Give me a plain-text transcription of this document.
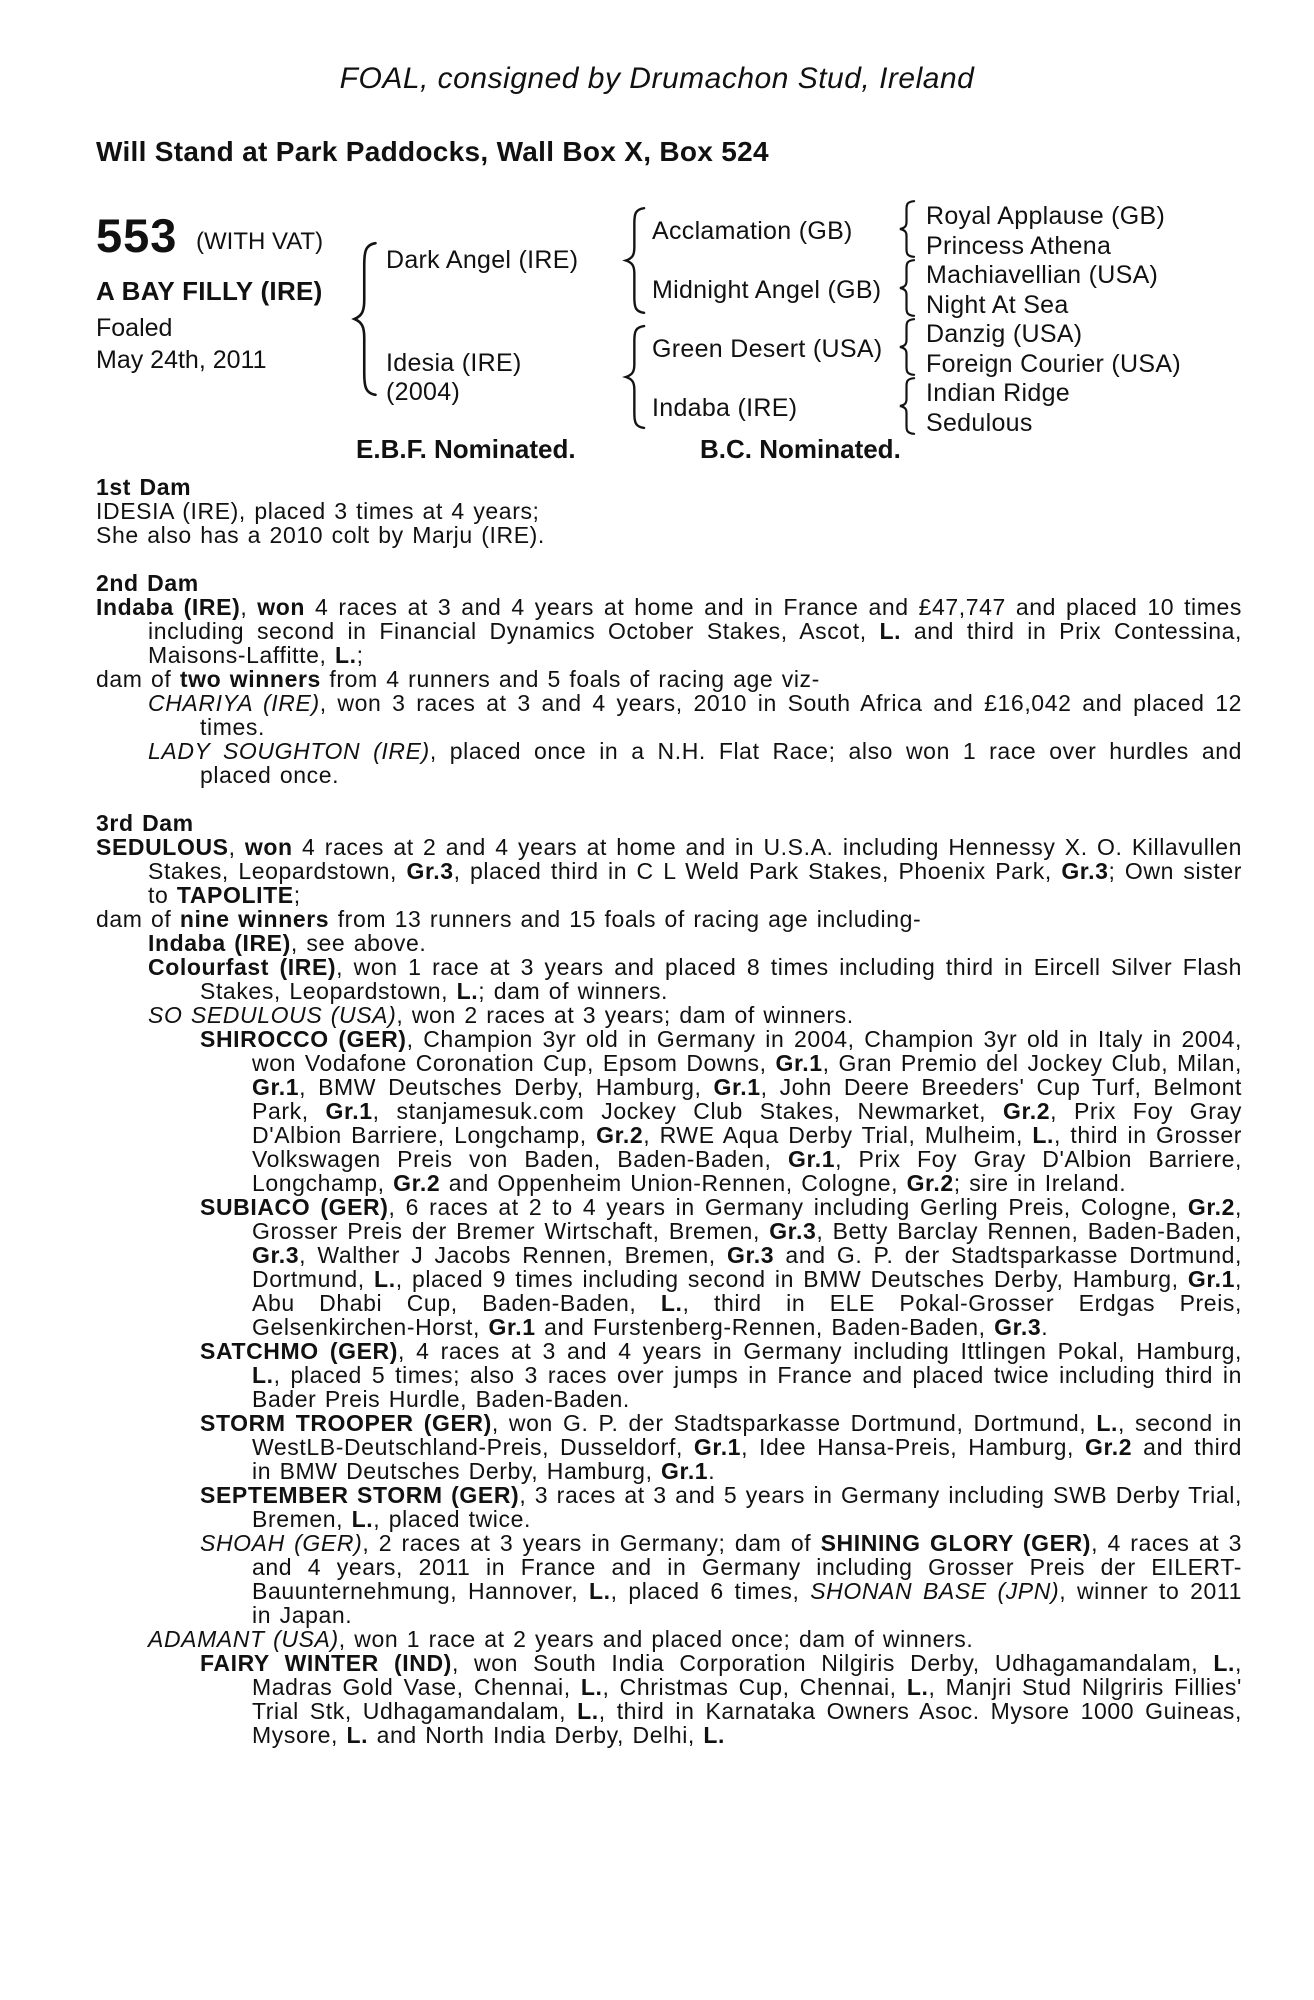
FOAL, consigned by Drumachon Stud, Ireland
Will Stand at Park Paddocks, Wall Box X, Box 524
553 (WITH VAT)
A BAY FILLY (IRE)
Foaled
May 24th, 2011
Dark Angel (IRE)
Idesia (IRE)
(2004)
Acclamation (GB)
Midnight Angel (GB)
Green Desert (USA)
Indaba (IRE)
Royal Applause (GB)
Princess Athena
Machiavellian (USA)
Night At Sea
Danzig (USA)
Foreign Courier (USA)
Indian Ridge
Sedulous
E.B.F. Nominated.	B.C. Nominated.
1st Dam
IDESIA (IRE), placed 3 times at 4 years;
She also has a 2010 colt by Marju (IRE).
2nd Dam
Indaba (IRE), won 4 races at 3 and 4 years at home and in France and £47,747 and placed 10 times including second in Financial Dynamics October Stakes, Ascot, L. and third in Prix Contessina, Maisons-Laffitte, L.;
dam of two winners from 4 runners and 5 foals of racing age viz-
CHARIYA (IRE), won 3 races at 3 and 4 years, 2010 in South Africa and £16,042 and placed 12 times.
LADY SOUGHTON (IRE), placed once in a N.H. Flat Race; also won 1 race over hurdles and placed once.
3rd Dam
SEDULOUS, won 4 races at 2 and 4 years at home and in U.S.A. including Hennessy X. O. Killavullen Stakes, Leopardstown, Gr.3, placed third in C L Weld Park Stakes, Phoenix Park, Gr.3; Own sister to TAPOLITE;
dam of nine winners from 13 runners and 15 foals of racing age including-
Indaba (IRE), see above.
Colourfast (IRE), won 1 race at 3 years and placed 8 times including third in Eircell Silver Flash Stakes, Leopardstown, L.; dam of winners.
SO SEDULOUS (USA), won 2 races at 3 years; dam of winners.
SHIROCCO (GER), Champion 3yr old in Germany in 2004, Champion 3yr old in Italy in 2004, won Vodafone Coronation Cup, Epsom Downs, Gr.1, Gran Premio del Jockey Club, Milan, Gr.1, BMW Deutsches Derby, Hamburg, Gr.1, John Deere Breeders' Cup Turf, Belmont Park, Gr.1, stanjamesuk.com Jockey Club Stakes, Newmarket, Gr.2, Prix Foy Gray D'Albion Barriere, Longchamp, Gr.2, RWE Aqua Derby Trial, Mulheim, L., third in Grosser Volkswagen Preis von Baden, Baden-Baden, Gr.1, Prix Foy Gray D'Albion Barriere, Longchamp, Gr.2 and Oppenheim Union-Rennen, Cologne, Gr.2; sire in Ireland.
SUBIACO (GER), 6 races at 2 to 4 years in Germany including Gerling Preis, Cologne, Gr.2, Grosser Preis der Bremer Wirtschaft, Bremen, Gr.3, Betty Barclay Rennen, Baden-Baden, Gr.3, Walther J Jacobs Rennen, Bremen, Gr.3 and G. P. der Stadtsparkasse Dortmund, Dortmund, L., placed 9 times including second in BMW Deutsches Derby, Hamburg, Gr.1, Abu Dhabi Cup, Baden-Baden, L., third in ELE Pokal-Grosser Erdgas Preis, Gelsenkirchen-Horst, Gr.1 and Furstenberg-Rennen, Baden-Baden, Gr.3.
SATCHMO (GER), 4 races at 3 and 4 years in Germany including Ittlingen Pokal, Hamburg, L., placed 5 times; also 3 races over jumps in France and placed twice including third in Bader Preis Hurdle, Baden-Baden.
STORM TROOPER (GER), won G. P. der Stadtsparkasse Dortmund, Dortmund, L., second in WestLB-Deutschland-Preis, Dusseldorf, Gr.1, Idee Hansa-Preis, Hamburg, Gr.2 and third in BMW Deutsches Derby, Hamburg, Gr.1.
SEPTEMBER STORM (GER), 3 races at 3 and 5 years in Germany including SWB Derby Trial, Bremen, L., placed twice.
SHOAH (GER), 2 races at 3 years in Germany; dam of SHINING GLORY (GER), 4 races at 3 and 4 years, 2011 in France and in Germany including Grosser Preis der EILERT-Bauunternehmung, Hannover, L., placed 6 times, SHONAN BASE (JPN), winner to 2011 in Japan.
ADAMANT (USA), won 1 race at 2 years and placed once; dam of winners.
FAIRY WINTER (IND), won South India Corporation Nilgiris Derby, Udhagamandalam, L., Madras Gold Vase, Chennai, L., Christmas Cup, Chennai, L., Manjri Stud Nilgriris Fillies' Trial Stk, Udhagamandalam, L., third in Karnataka Owners Asoc. Mysore 1000 Guineas, Mysore, L. and North India Derby, Delhi, L.
